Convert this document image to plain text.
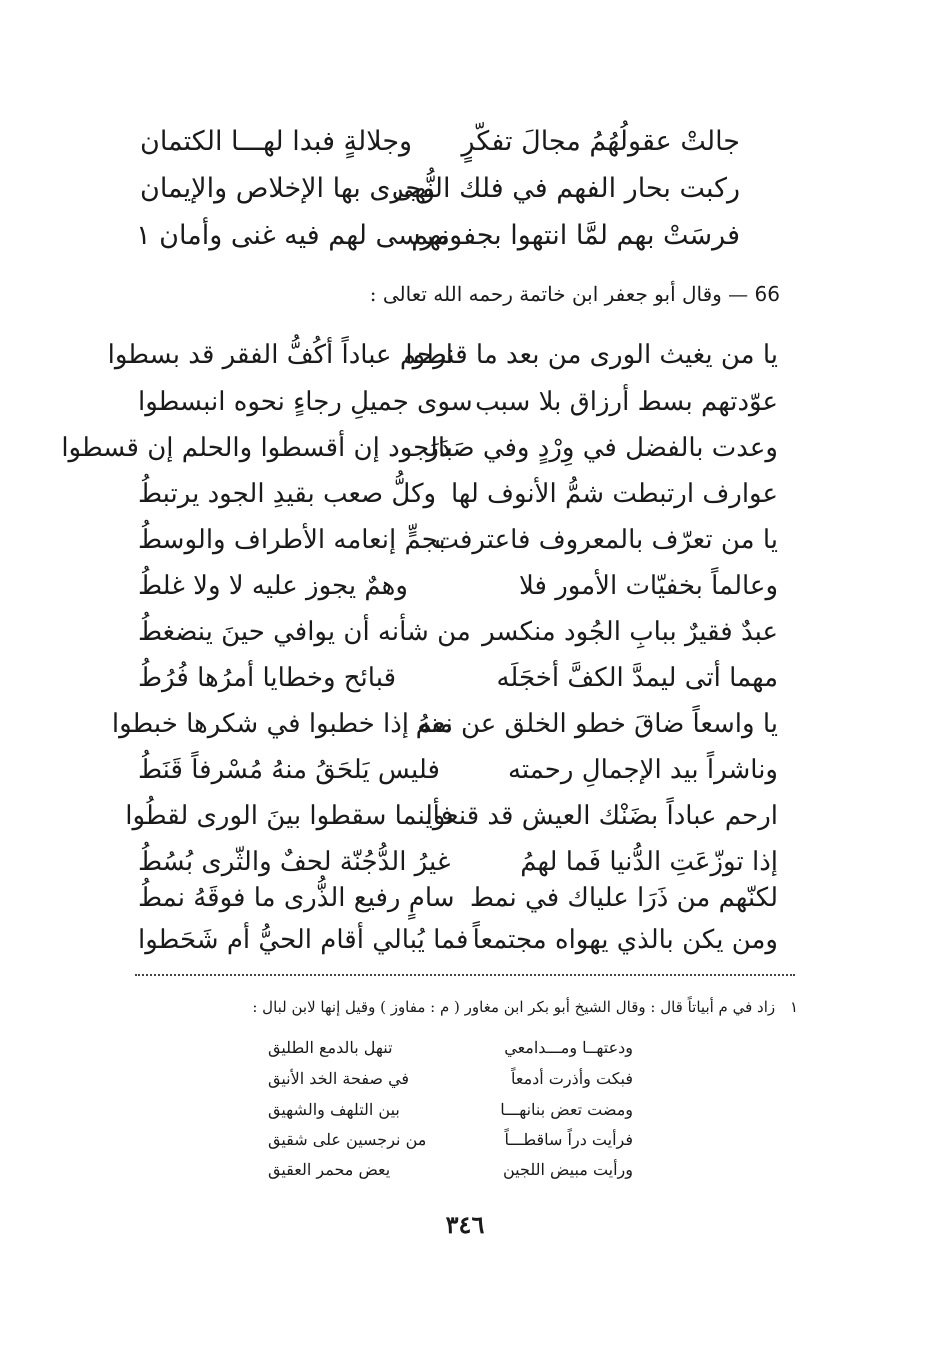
جالتْ عقولُهُمُ مجالَ تفكّرٍ
وجلالةٍ فبدا لهـــا الكتمان
ركبت بحار الفهم في فلك النُّهى
وجرى بها الإخلاص والإيمان
فرسَتْ بهم لمَّا انتهوا بجفونهم
مرسى لهم فيه غنى وأمان ١
66 — وقال أبو جعفر ابن خاتمة رحمه الله تعالى :
يا من يغيث الورى من بعد ما قنطوا
ارحم عباداً أكُفُّ الفقر قد بسطوا
عوّدتهم بسط أرزاق بلا سبب
سوى جميلِ رجاءٍ نحوه انبسطوا
وعدت بالفضل في وِرْدٍ وفي صَدَرَ
بالجود إن أقسطوا والحلم إن قسطوا
عوارف ارتبطت شمُّ الأنوف لها
وكلُّ صعب بقيدِ الجود يرتبطُ
يا من تعرّف بالمعروف فاعترفت
بجمٍّ إنعامه الأطراف والوسطُ
وعالماً بخفيّات الأمور فلا
وهمٌ يجوز عليه لا ولا غلطُ
عبدٌ فقيرٌ ببابِ الجُود منكسر
من شأنه أن يوافي حينَ ينضغطُ
مهما أتى ليمدَّ الكفَّ أخجَلَه
قبائح وخطايا أمرُها فُرُطُ
يا واسعاً ضاقَ خطو الخلق عن نعم
منهُ إذا خطبوا في شكرها خبطوا
وناشراً بيد الإجمالِ رحمته
فليس يَلحَقُ منهُ مُسْرفاً قَنَطُ
ارحم عباداً بضَنْك العيش قد قنعوا
فأينما سقطوا بينَ الورى لقطُوا
إذا توزّعَتِ الدُّنيا فَما لهمُ
غيرُ الدُّجُنّة لحفٌ والثّرى بُسُطُ
لكنّهم من ذَرَا علياك في نمط
سامٍ رفيع الذُّرى ما فوقَهُ نمطُ
ومن يكن بالذي يهواه مجتمعاً
فما يُبالي أقام الحيُّ أم شَحَطوا
١ زاد في م أبياتاً قال : وقال الشيخ أبو بكر ابن مغاور ( م : مفاوز ) وقيل إنها لابن لبال :
ودعتهــا ومـــدامعي
تنهل بالدمع الطليق
فبكت وأذرت أدمعاً
في صفحة الخد الأنيق
ومضت تعض بنانهـــا
بين التلهف والشهيق
فرأيت دراً ساقطـــاً
من نرجسين على شقيق
ورأيت مبيض اللجين
يعض محمر العقيق
٣٤٦
